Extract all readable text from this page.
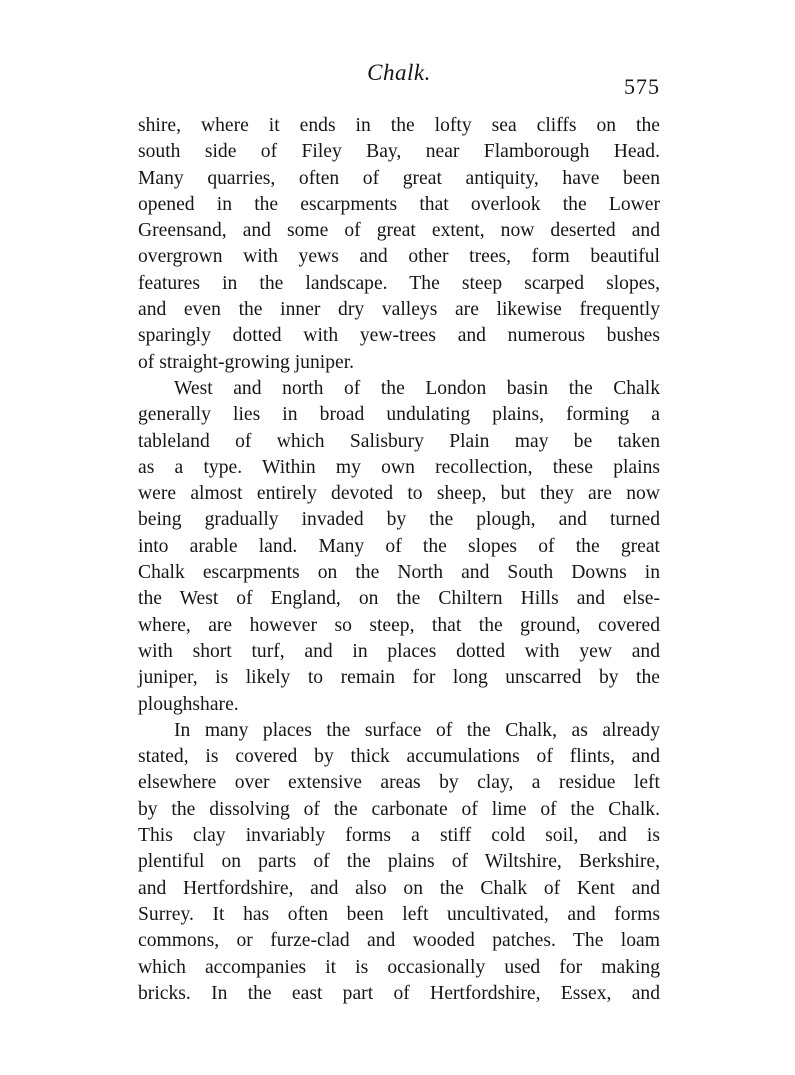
Chalk.
575
shire, where it ends in the lofty sea cliffs on the
south side of Filey Bay, near Flamborough Head.
Many quarries, often of great antiquity, have been
opened in the escarpments that overlook the Lower
Greensand, and some of great extent, now deserted and
overgrown with yews and other trees, form beautiful
features in the landscape. The steep scarped slopes,
and even the inner dry valleys are likewise frequently
sparingly dotted with yew-trees and numerous bushes
of straight-growing juniper.
West and north of the London basin the Chalk
generally lies in broad undulating plains, forming a
tableland of which Salisbury Plain may be taken
as a type. Within my own recollection, these plains
were almost entirely devoted to sheep, but they are now
being gradually invaded by the plough, and turned
into arable land. Many of the slopes of the great
Chalk escarpments on the North and South Downs in
the West of England, on the Chiltern Hills and else-
where, are however so steep, that the ground, covered
with short turf, and in places dotted with yew and
juniper, is likely to remain for long unscarred by the
ploughshare.
In many places the surface of the Chalk, as already
stated, is covered by thick accumulations of flints, and
elsewhere over extensive areas by clay, a residue left
by the dissolving of the carbonate of lime of the Chalk.
This clay invariably forms a stiff cold soil, and is
plentiful on parts of the plains of Wiltshire, Berkshire,
and Hertfordshire, and also on the Chalk of Kent and
Surrey. It has often been left uncultivated, and forms
commons, or furze-clad and wooded patches. The loam
which accompanies it is occasionally used for making
bricks. In the east part of Hertfordshire, Essex, and
